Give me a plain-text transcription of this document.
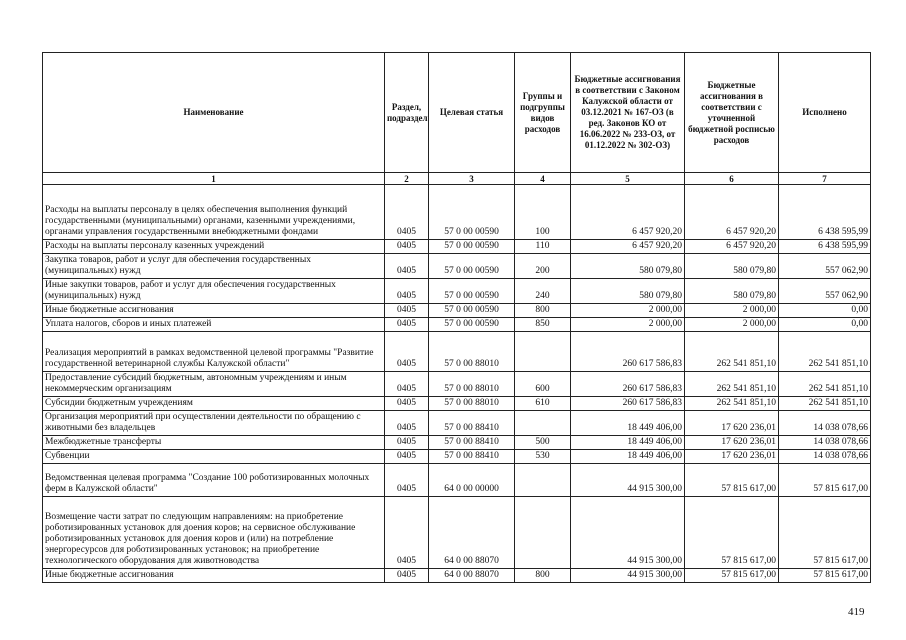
Наименование	Раздел, подраздел	Целевая статья	Группы и подгруппы видов расходов	Бюджетные ассигнования в соответствии с Законом Калужской области от 03.12.2021 № 167-ОЗ (в ред. Законов КО от 16.06.2022 № 233-ОЗ, от 01.12.2022 № 302-ОЗ)	Бюджетные ассигнования в соответствии с уточненной бюджетной росписью расходов	Исполнено
1	2	3	4	5	6	7
Расходы на выплаты персоналу в целях обеспечения выполнения функций государственными (муниципальными) органами, казенными учреждениями, органами управления государственными внебюджетными фондами	0405	57 0 00 00590	100	6 457 920,20	6 457 920,20	6 438 595,99
Расходы на выплаты персоналу казенных учреждений	0405	57 0 00 00590	110	6 457 920,20	6 457 920,20	6 438 595,99
Закупка товаров, работ и услуг для обеспечения государственных (муниципальных) нужд	0405	57 0 00 00590	200	580 079,80	580 079,80	557 062,90
Иные закупки товаров, работ и услуг для обеспечения государственных (муниципальных) нужд	0405	57 0 00 00590	240	580 079,80	580 079,80	557 062,90
Иные бюджетные ассигнования	0405	57 0 00 00590	800	2 000,00	2 000,00	0,00
Уплата налогов, сборов и иных платежей	0405	57 0 00 00590	850	2 000,00	2 000,00	0,00
Реализация мероприятий в рамках ведомственной целевой программы "Развитие государственной ветеринарной службы Калужской области"	0405	57 0 00 88010		260 617 586,83	262 541 851,10	262 541 851,10
Предоставление субсидий бюджетным, автономным учреждениям и иным некоммерческим организациям	0405	57 0 00 88010	600	260 617 586,83	262 541 851,10	262 541 851,10
Субсидии бюджетным учреждениям	0405	57 0 00 88010	610	260 617 586,83	262 541 851,10	262 541 851,10
Организация мероприятий при осуществлении деятельности по обращению с животными без владельцев	0405	57 0 00 88410		18 449 406,00	17 620 236,01	14 038 078,66
Межбюджетные трансферты	0405	57 0 00 88410	500	18 449 406,00	17 620 236,01	14 038 078,66
Субвенции	0405	57 0 00 88410	530	18 449 406,00	17 620 236,01	14 038 078,66
Ведомственная целевая программа "Создание 100 роботизированных молочных ферм в Калужской области"	0405	64 0 00 00000		44 915 300,00	57 815 617,00	57 815 617,00
Возмещение части затрат по следующим направлениям: на приобретение роботизированных установок для доения коров; на сервисное обслуживание роботизированных установок для доения коров и (или) на потребление энергоресурсов для роботизированных установок; на приобретение технологического оборудования для животноводства	0405	64 0 00 88070		44 915 300,00	57 815 617,00	57 815 617,00
Иные бюджетные ассигнования	0405	64 0 00 88070	800	44 915 300,00	57 815 617,00	57 815 617,00
419
